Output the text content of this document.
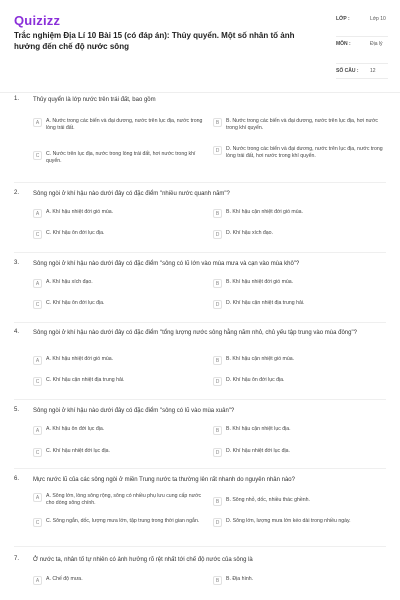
Quizizz
Trắc nghiệm Địa Lí 10 Bài 15 (có đáp án): Thủy quyển. Một số nhân tố ảnh hưởng đến chế độ nước sông
LỚP :	Lớp 10
MÔN :	Địa lý
SỐ CÂU :	12
1. Thủy quyển là lớp nước trên trái đất, bao gồm
A	A. Nước trong các biển và đại dương, nước trên lục địa, nước trong lòng trái đất.
B	B. Nước trong các biển và đại dương, nước trên lục địa, hơi nước trong khí quyển.
C	C. Nước trên lục địa, nước trong lòng trái đất, hơi nước trong khí quyển.
D	D. Nước trong các biển và đại dương, nước trên lục địa, nước trong lòng trái đất, hơi nước trong khí quyển.
2. Sông ngòi ở khí hậu nào dưới đây có đặc điểm "nhiều nước quanh năm"?
A	A. Khí hậu nhiệt đới gió mùa.	B	B. Khí hậu cận nhiệt đới gió mùa.
C	C. Khí hậu ôn đới lục địa.	D	D. Khí hậu xích đạo.
3. Sông ngòi ở khí hậu nào dưới đây có đặc điểm "sông có lũ lớn vào mùa mưa và cạn vào mùa khô"?
A	A. Khí hậu xích đạo.	B	B. Khí hậu nhiệt đới gió mùa.
C	C. Khí hậu ôn đới lục địa.	D	D. Khí hậu cận nhiệt địa trung hải.
4. Sông ngòi ở khí hậu nào dưới đây có đặc điểm "tổng lượng nước sông hằng năm nhỏ, chủ yếu tập trung vào mùa đông"?
A	A. Khí hậu nhiệt đới gió mùa.	B	B. Khí hậu cận nhiệt gió mùa.
C	C. Khí hậu cận nhiệt địa trung hải.	D	D. Khí hậu ôn đới lục địa.
5. Sông ngòi ở khí hậu nào dưới đây có đặc điểm "sông có lũ vào mùa xuân"?
A	A. Khí hậu ôn đới lục địa.	B	B. Khí hậu cận nhiệt lục địa.
C	C. Khí hậu nhiệt đới lục địa.	D	D. Khí hậu nhiệt đới lục địa.
6. Mực nước lũ của các sông ngòi ở miền Trung nước ta thường lên rất nhanh do nguyên nhân nào?
A	A. Sông lớn, lòng sông rộng, sông có nhiều phụ lưu cung cấp nước cho dòng sông chính.	B	B. Sông nhỏ, dốc, nhiều thác ghềnh.
C	C. Sông ngắn, dốc, lượng mưa lớn, tập trung trong thời gian ngắn.	D	D. Sông lớn, lượng mưa lớn kéo dài trong nhiều ngày.
7. Ở nước ta, nhân tố tự nhiên có ảnh hưởng rõ rệt nhất tới chế độ nước của sông là
A	A. Chế độ mưa.	B	B. Địa hình.
